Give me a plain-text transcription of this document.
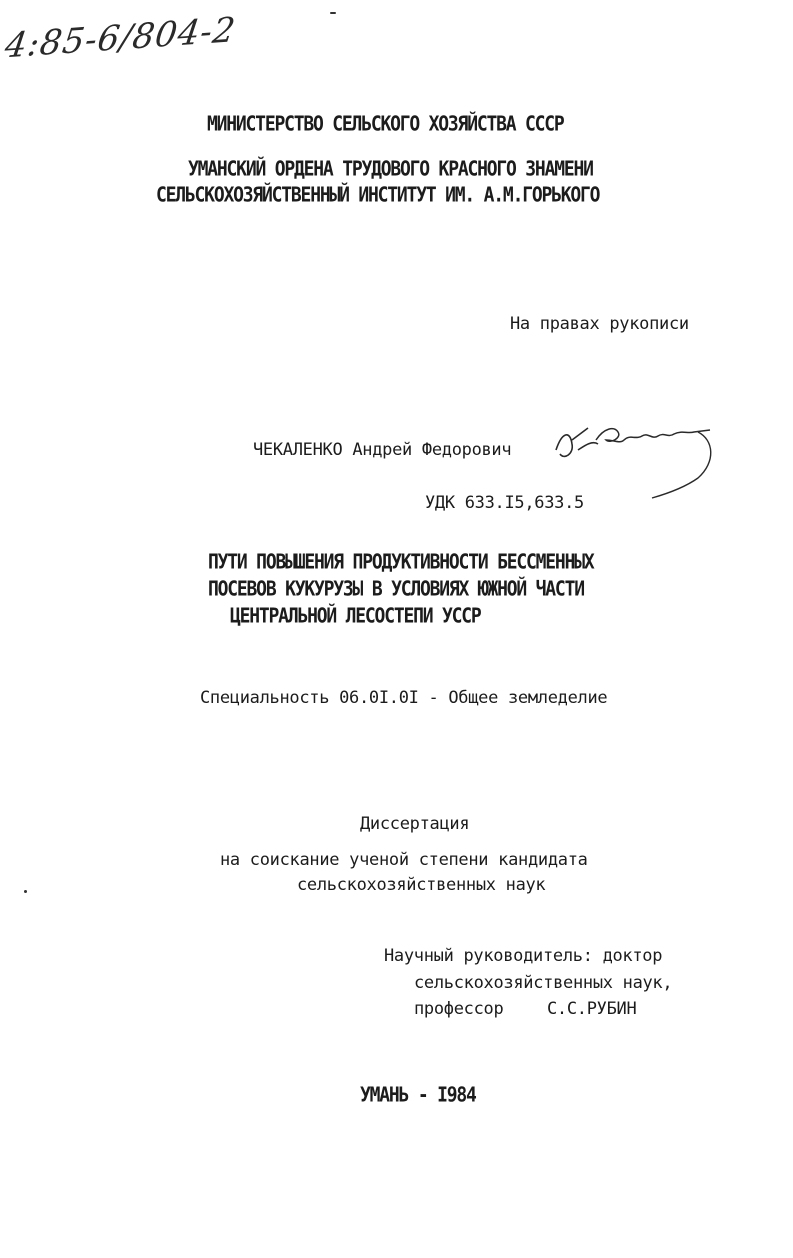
4:85-6/804-2
МИНИСТЕРСТВО СЕЛЬСКОГО ХОЗЯЙСТВА СССР
УМАНСКИЙ ОРДЕНА ТРУДОВОГО КРАСНОГО ЗНАМЕНИ
СЕЛЬСКОХОЗЯЙСТВЕННЫЙ ИНСТИТУТ ИМ. А.М.ГОРЬКОГО
На правах рукописи
ЧЕКАЛЕНКО Андрей Федорович
УДК 633.I5,633.5
ПУТИ ПОВЫШЕНИЯ ПРОДУКТИВНОСТИ БЕССМЕННЫХ
ПОСЕВОВ КУКУРУЗЫ В УСЛОВИЯХ ЮЖНОЙ ЧАСТИ
ЦЕНТРАЛЬНОЙ ЛЕСОСТЕПИ УССР
Специальность 06.0I.0I - Общее земледелие
Диссертация
на соискание ученой степени кандидата
сельскохозяйственных наук
Научный руководитель: доктор
сельскохозяйственных наук,
профессор	С.С.РУБИН
УМАНЬ - I984
